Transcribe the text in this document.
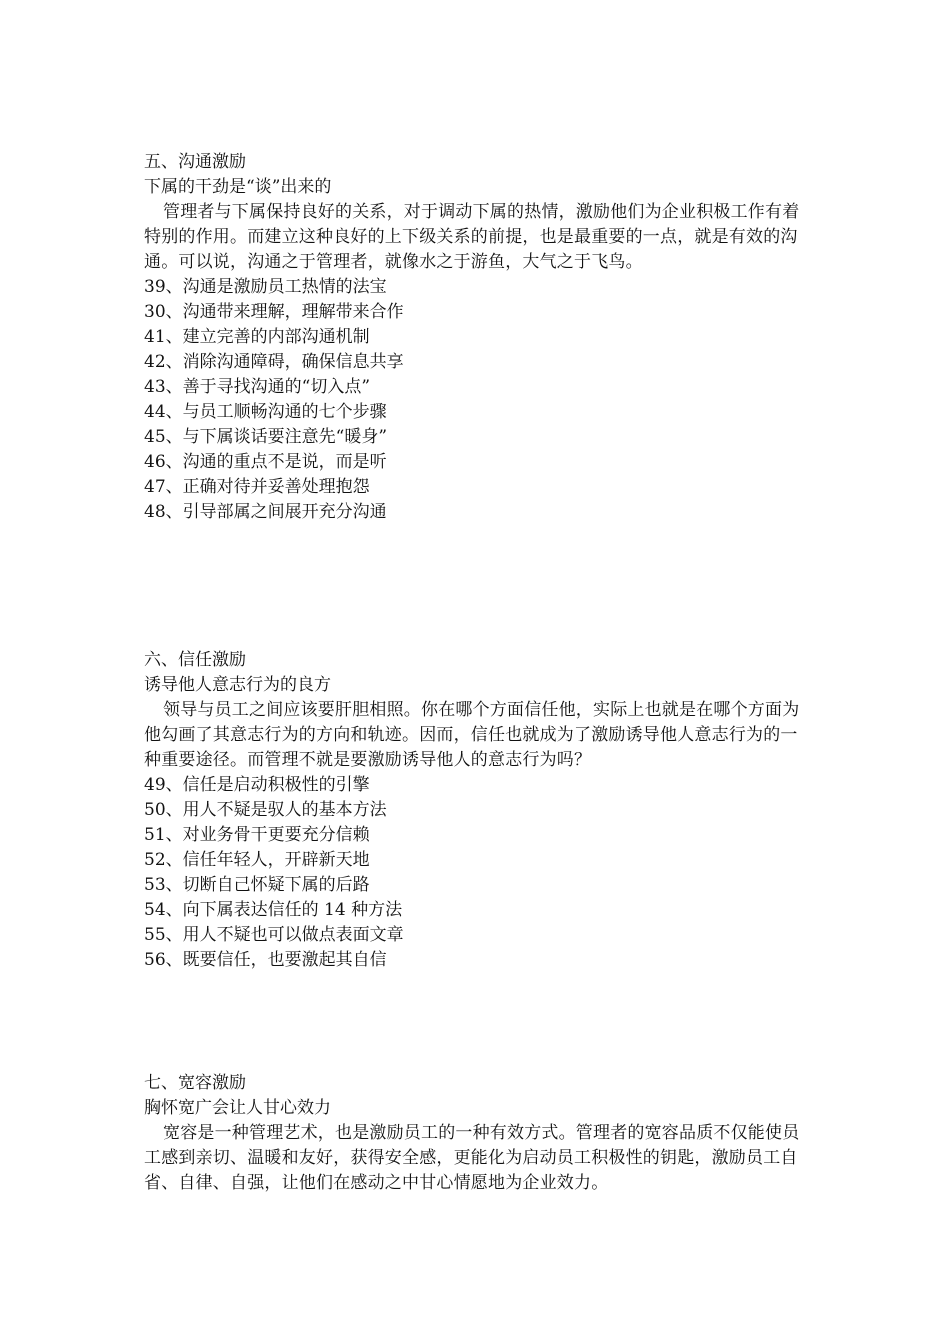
五、沟通激励
下属的干劲是“谈”出来的
管理者与下属保持良好的关系，对于调动下属的热情，激励他们为企业积极工作有着特别的作用。而建立这种良好的上下级关系的前提，也是最重要的一点，就是有效的沟通。可以说，沟通之于管理者，就像水之于游鱼，大气之于飞鸟。
39、沟通是激励员工热情的法宝
30、沟通带来理解，理解带来合作
41、建立完善的内部沟通机制
42、消除沟通障碍，确保信息共享
43、善于寻找沟通的“切入点”
44、与员工顺畅沟通的七个步骤
45、与下属谈话要注意先“暖身”
46、沟通的重点不是说，而是听
47、正确对待并妥善处理抱怨
48、引导部属之间展开充分沟通
六、信任激励
诱导他人意志行为的良方
领导与员工之间应该要肝胆相照。你在哪个方面信任他，实际上也就是在哪个方面为他勾画了其意志行为的方向和轨迹。因而，信任也就成为了激励诱导他人意志行为的一种重要途径。而管理不就是要激励诱导他人的意志行为吗？
49、信任是启动积极性的引擎
50、用人不疑是驭人的基本方法
51、对业务骨干更要充分信赖
52、信任年轻人，开辟新天地
53、切断自己怀疑下属的后路
54、向下属表达信任的 14 种方法
55、用人不疑也可以做点表面文章
56、既要信任，也要激起其自信
七、宽容激励
胸怀宽广会让人甘心效力
宽容是一种管理艺术，也是激励员工的一种有效方式。管理者的宽容品质不仅能使员工感到亲切、温暖和友好，获得安全感，更能化为启动员工积极性的钥匙，激励员工自省、自律、自强，让他们在感动之中甘心情愿地为企业效力。
